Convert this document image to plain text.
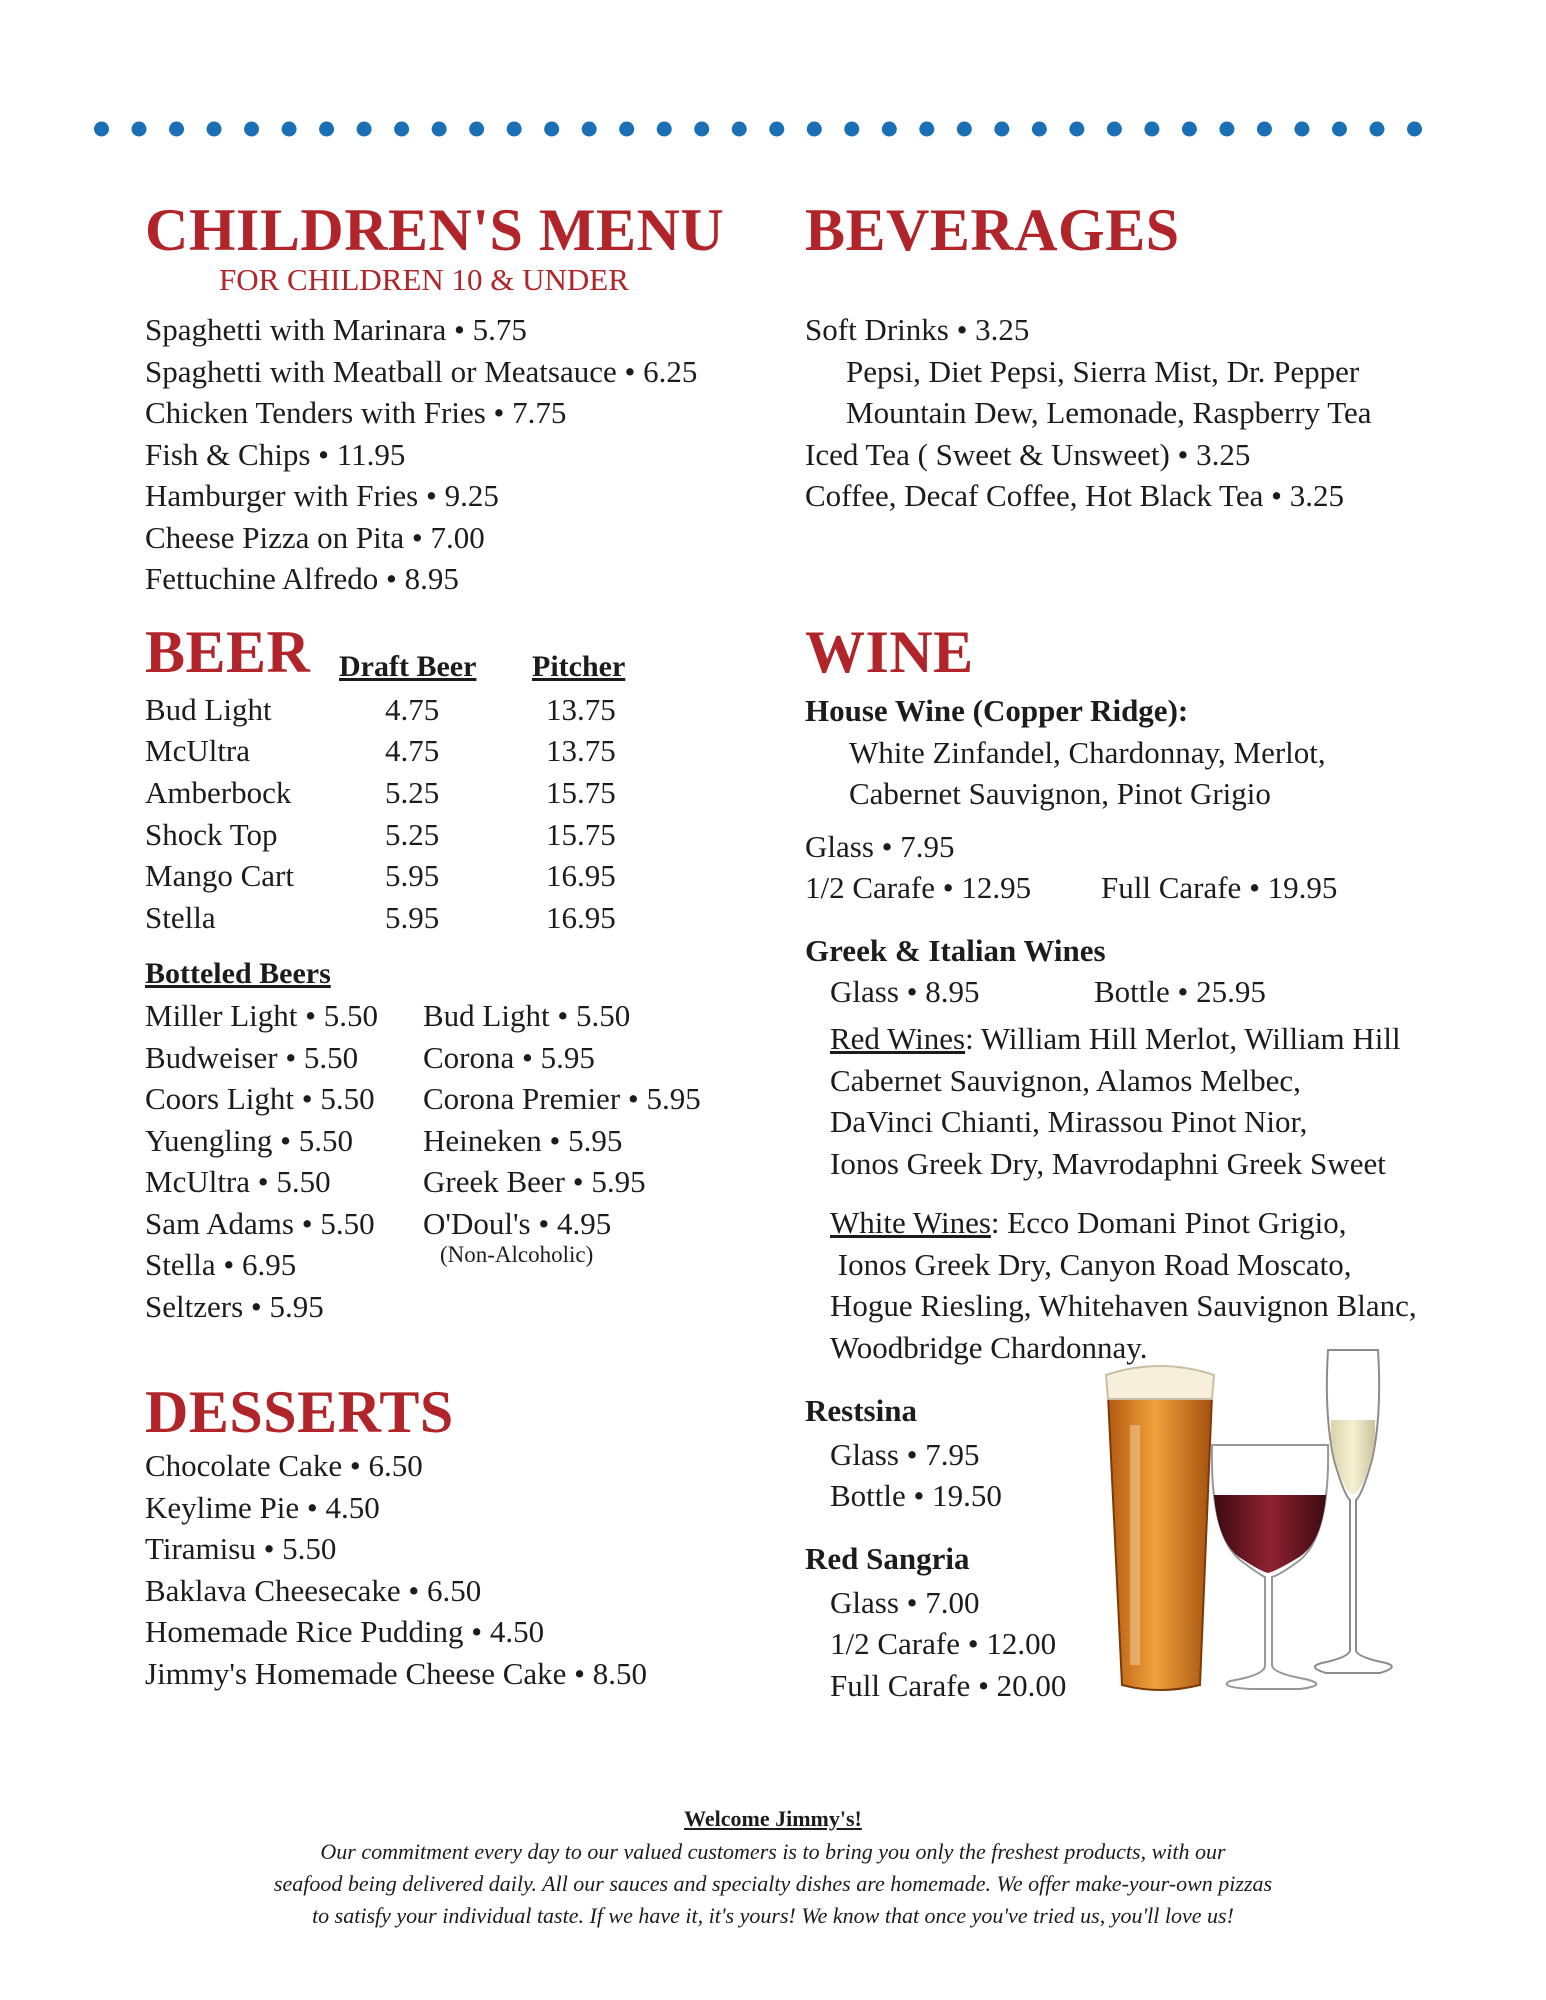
CHILDREN'S MENU
FOR CHILDREN 10 & UNDER
Spaghetti with Marinara • 5.75
Spaghetti with Meatball or Meatsauce • 6.25
Chicken Tenders with Fries • 7.75
Fish & Chips • 11.95
Hamburger with Fries • 9.25
Cheese Pizza on Pita • 7.00
Fettuchine Alfredo • 8.95
BEVERAGES
Soft Drinks • 3.25
Pepsi, Diet Pepsi, Sierra Mist, Dr. Pepper
Mountain Dew, Lemonade, Raspberry Tea
Iced Tea ( Sweet & Unsweet) • 3.25
Coffee, Decaf Coffee, Hot Black Tea • 3.25
BEER Draft Beer Pitcher
Bud Light	4.75	13.75
McUltra	4.75	13.75
Amberbock	5.25	15.75
Shock Top	5.25	15.75
Mango Cart	5.95	16.95
Stella	5.95	16.95
Botteled Beers
Miller Light • 5.50
Budweiser • 5.50
Coors Light • 5.50
Yuengling • 5.50
McUltra • 5.50
Sam Adams • 5.50
Stella • 6.95
Seltzers • 5.95
Bud Light • 5.50
Corona • 5.95
Corona Premier • 5.95
Heineken • 5.95
Greek Beer • 5.95
O'Doul's • 4.95
(Non-Alcoholic)
DESSERTS
Chocolate Cake • 6.50
Keylime Pie • 4.50
Tiramisu • 5.50
Baklava Cheesecake • 6.50
Homemade Rice Pudding • 4.50
Jimmy's Homemade Cheese Cake • 8.50
WINE
House Wine (Copper Ridge):
White Zinfandel, Chardonnay, Merlot,
Cabernet Sauvignon, Pinot Grigio
Glass • 7.95
1/2 Carafe • 12.95 Full Carafe • 19.95
Greek & Italian Wines
Glass • 8.95	Bottle • 25.95
Red Wines: William Hill Merlot, William Hill
Cabernet Sauvignon, Alamos Melbec,
DaVinci Chianti, Mirassou Pinot Nior,
Ionos Greek Dry, Mavrodaphni Greek Sweet
White Wines: Ecco Domani Pinot Grigio,
Ionos Greek Dry, Canyon Road Moscato,
Hogue Riesling, Whitehaven Sauvignon Blanc,
Woodbridge Chardonnay.
Restsina
Glass • 7.95
Bottle • 19.50
Red Sangria
Glass • 7.00
1/2 Carafe • 12.00
Full Carafe • 20.00
Welcome Jimmy's!
Our commitment every day to our valued customers is to bring you only the freshest products, with our
seafood being delivered daily. All our sauces and specialty dishes are homemade. We offer make-your-own pizzas
to satisfy your individual taste. If we have it, it's yours! We know that once you've tried us, you'll love us!
